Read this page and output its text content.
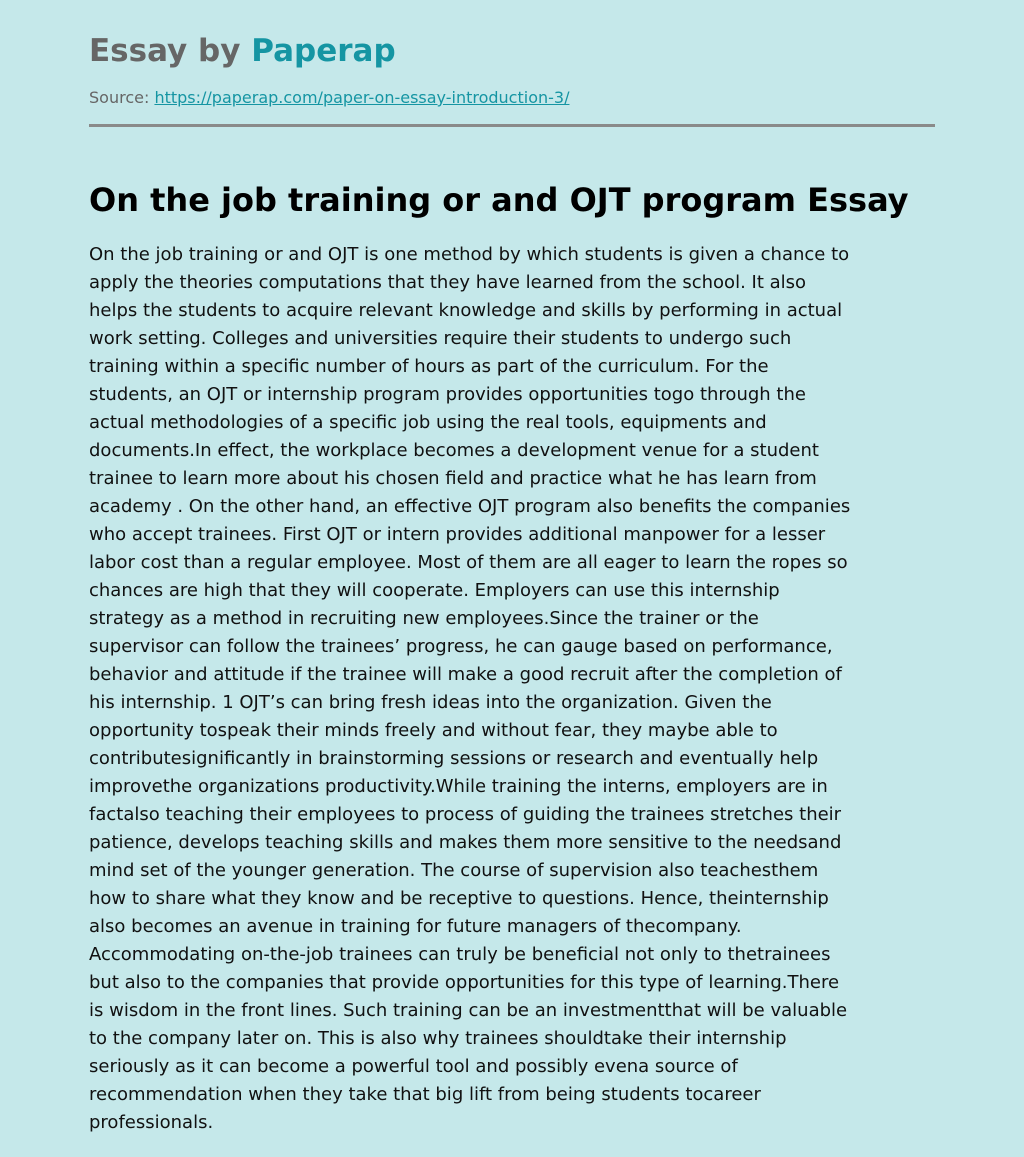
Essay by Paperap
Source: https://paperap.com/paper-on-essay-introduction-3/
On the job training or and OJT program Essay

On the job training or and OJT is one method by which students is given a chance to
apply the theories computations that they have learned from the school. It also
helps the students to acquire relevant knowledge and skills by performing in actual
work setting. Colleges and universities require their students to undergo such
training within a specific number of hours as part of the curriculum. For the
students, an OJT or internship program provides opportunities togo through the
actual methodologies of a specific job using the real tools, equipments and
documents.In effect, the workplace becomes a development venue for a student
trainee to learn more about his chosen field and practice what he has learn from
academy . On the other hand, an effective OJT program also benefits the companies
who accept trainees. First OJT or intern provides additional manpower for a lesser
labor cost than a regular employee. Most of them are all eager to learn the ropes so
chances are high that they will cooperate. Employers can use this internship
strategy as a method in recruiting new employees.Since the trainer or the
supervisor can follow the trainees’ progress, he can gauge based on performance,
behavior and attitude if the trainee will make a good recruit after the completion of
his internship. 1 OJT’s can bring fresh ideas into the organization. Given the
opportunity tospeak their minds freely and without fear, they maybe able to
contributesignificantly in brainstorming sessions or research and eventually help
improvethe organizations productivity.While training the interns, employers are in
factalso teaching their employees to process of guiding the trainees stretches their
patience, develops teaching skills and makes them more sensitive to the needsand
mind set of the younger generation. The course of supervision also teachesthem
how to share what they know and be receptive to questions. Hence, theinternship
also becomes an avenue in training for future managers of thecompany.
Accommodating on-the-job trainees can truly be beneficial not only to thetrainees
but also to the companies that provide opportunities for this type of learning.There
is wisdom in the front lines. Such training can be an investmentthat will be valuable
to the company later on. This is also why trainees shouldtake their internship
seriously as it can become a powerful tool and possibly evena source of
recommendation when they take that big lift from being students tocareer
professionals.
